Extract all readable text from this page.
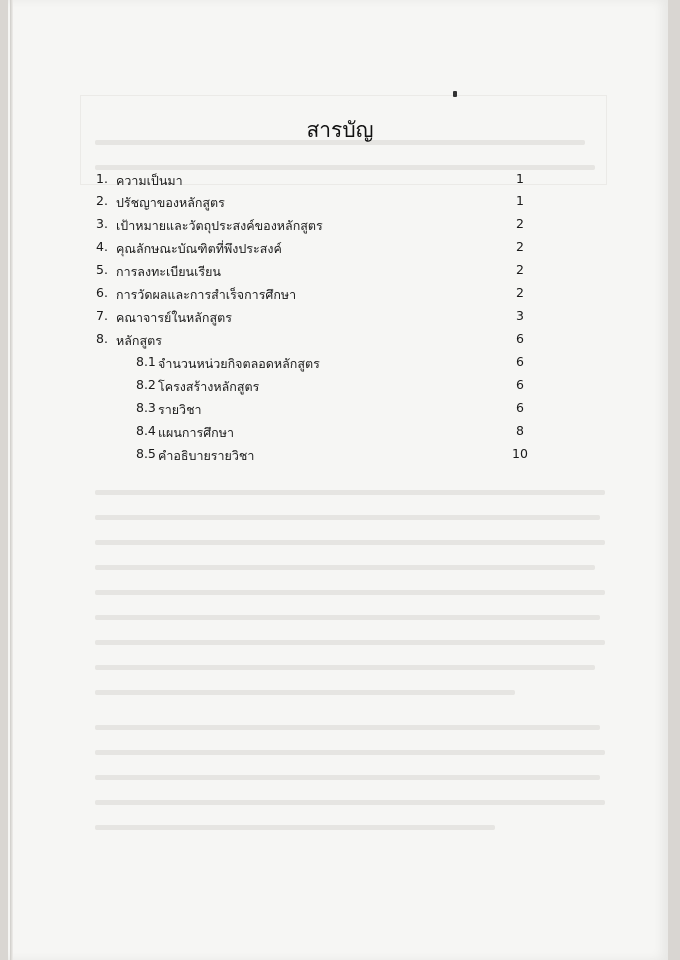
สารบัญ
1. ความเป็นมา	1
2. ปรัชญาของหลักสูตร	1
3. เป้าหมายและวัตถุประสงค์ของหลักสูตร	2
4. คุณลักษณะบัณฑิตที่พึงประสงค์	2
5. การลงทะเบียนเรียน	2
6. การวัดผลและการสำเร็จการศึกษา	2
7. คณาจารย์ในหลักสูตร	3
8. หลักสูตร	6
8.1 จำนวนหน่วยกิจตลอดหลักสูตร	6
8.2 โครงสร้างหลักสูตร	6
8.3 รายวิชา	6
8.4 แผนการศึกษา	8
8.5 คำอธิบายรายวิชา	10
